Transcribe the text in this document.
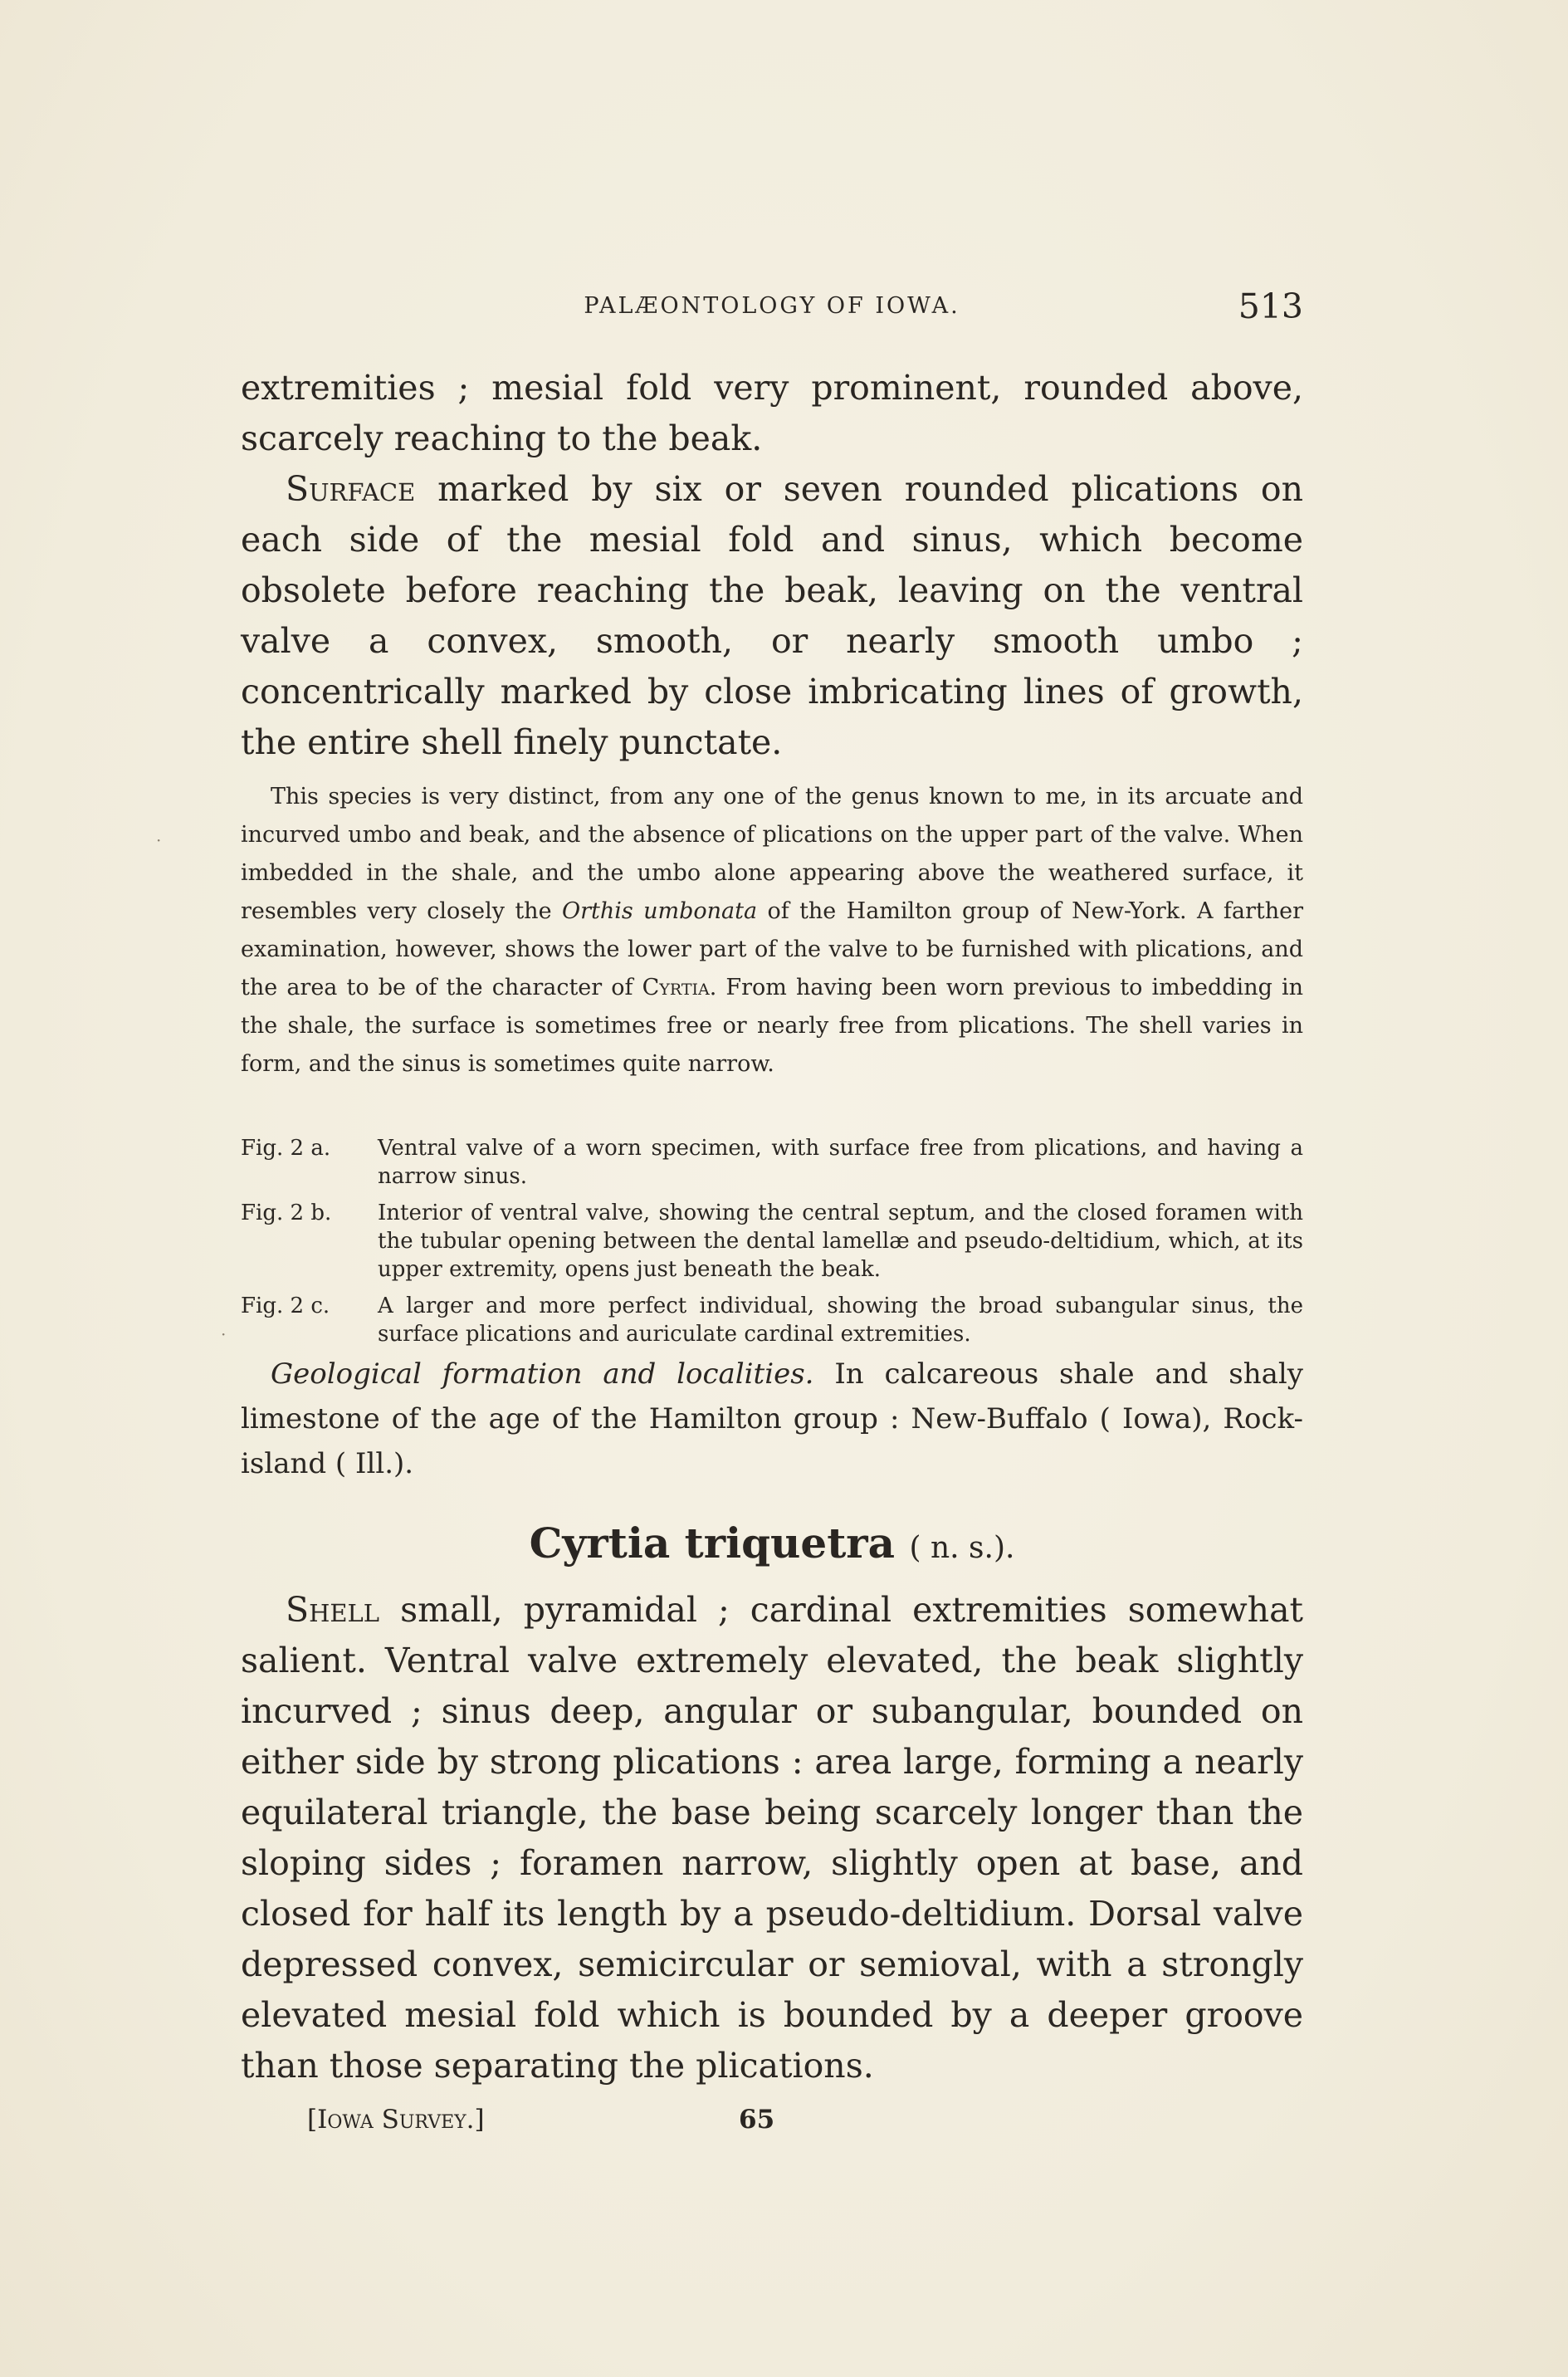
PALÆONTOLOGY OF IOWA.	513

extremities ; mesial fold very prominent, rounded above, scarcely reaching to the beak.

Surface marked by six or seven rounded plications on each side of the mesial fold and sinus, which become obsolete before reaching the beak, leaving on the ventral valve a convex, smooth, or nearly smooth umbo ; concentrically marked by close imbricating lines of growth, the entire shell finely punctate.

This species is very distinct, from any one of the genus known to me, in its arcuate and incurved umbo and beak, and the absence of plications on the upper part of the valve. When imbedded in the shale, and the umbo alone appearing above the weathered surface, it resembles very closely the Orthis umbonata of the Hamilton group of New-York. A farther examination, however, shows the lower part of the valve to be furnished with plications, and the area to be of the character of Cyrtia. From having been worn previous to imbedding in the shale, the surface is sometimes free or nearly free from plications. The shell varies in form, and the sinus is sometimes quite narrow.

Fig. 2 a. Ventral valve of a worn specimen, with surface free from plications, and having a narrow sinus.

Fig. 2 b. Interior of ventral valve, showing the central septum, and the closed foramen with the tubular opening between the dental lamellæ and pseudo-deltidium, which, at its upper extremity, opens just beneath the beak.

Fig. 2 c. A larger and more perfect individual, showing the broad subangular sinus, the surface plications and auriculate cardinal extremities.

Geological formation and localities. In calcareous shale and shaly limestone of the age of the Hamilton group : New-Buffalo ( Iowa), Rock-island ( Ill.).

Cyrtia triquetra ( n. s.).

Shell small, pyramidal ; cardinal extremities somewhat salient. Ventral valve extremely elevated, the beak slightly incurved ; sinus deep, angular or subangular, bounded on either side by strong plications : area large, forming a nearly equilateral triangle, the base being scarcely longer than the sloping sides ; foramen narrow, slightly open at base, and closed for half its length by a pseudo-deltidium. Dorsal valve depressed convex, semicircular or semioval, with a strongly elevated mesial fold which is bounded by a deeper groove than those separating the plications.

[Iowa Survey.]	65
·
·
